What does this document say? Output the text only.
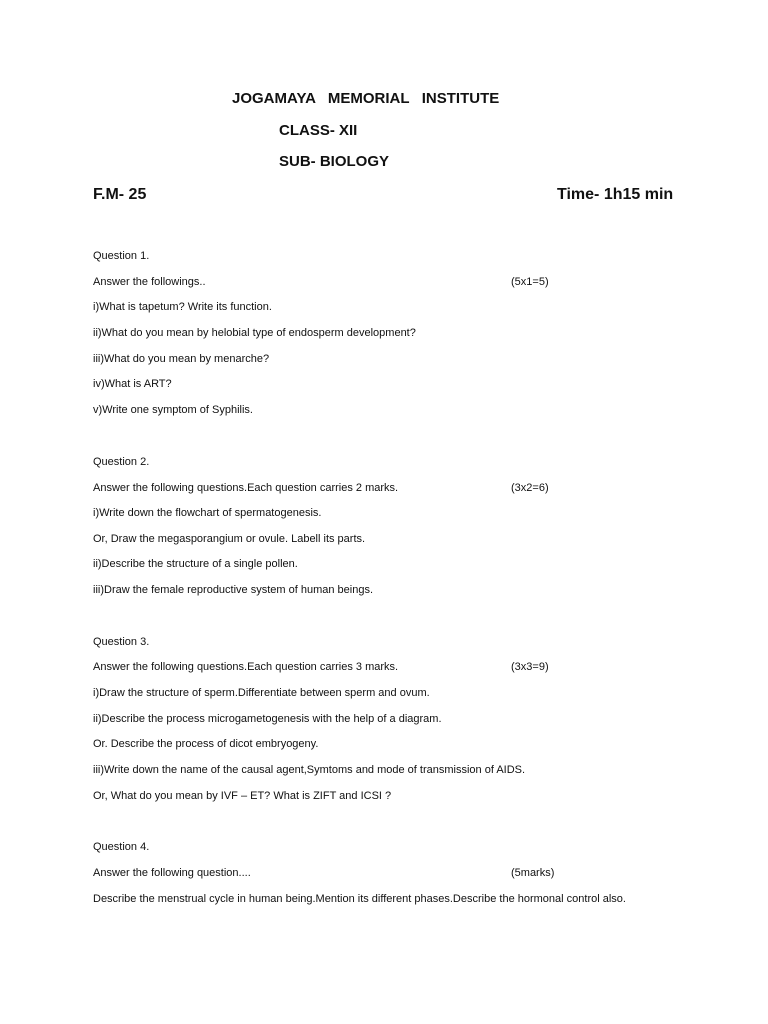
JOGAMAYA   MEMORIAL   INSTITUTE
CLASS- XII
SUB- BIOLOGY
F.M- 25	Time- 1h15 min
Question 1.
Answer the followings..	(5x1=5)
i)What is tapetum? Write its function.
ii)What do you mean by helobial type of endosperm development?
iii)What do you mean by menarche?
iv)What is ART?
v)Write one symptom of Syphilis.
Question 2.
Answer the following questions.Each question carries 2 marks.	(3x2=6)
i)Write down the flowchart of spermatogenesis.
Or, Draw the megasporangium or ovule. Labell its parts.
ii)Describe the structure of a single pollen.
iii)Draw the female reproductive system of human beings.
Question 3.
Answer the following questions.Each question carries 3 marks.	(3x3=9)
i)Draw the structure of sperm.Differentiate between sperm and ovum.
ii)Describe the process microgametogenesis with the help of a diagram.
Or. Describe the process of dicot embryogeny.
iii)Write down the name of the causal agent,Symtoms and mode of transmission of AIDS.
Or, What do you mean by IVF – ET? What is ZIFT and ICSI ?
Question 4.
Answer the following question....	(5marks)
Describe the menstrual cycle in human being.Mention its different phases.Describe the hormonal control also.
